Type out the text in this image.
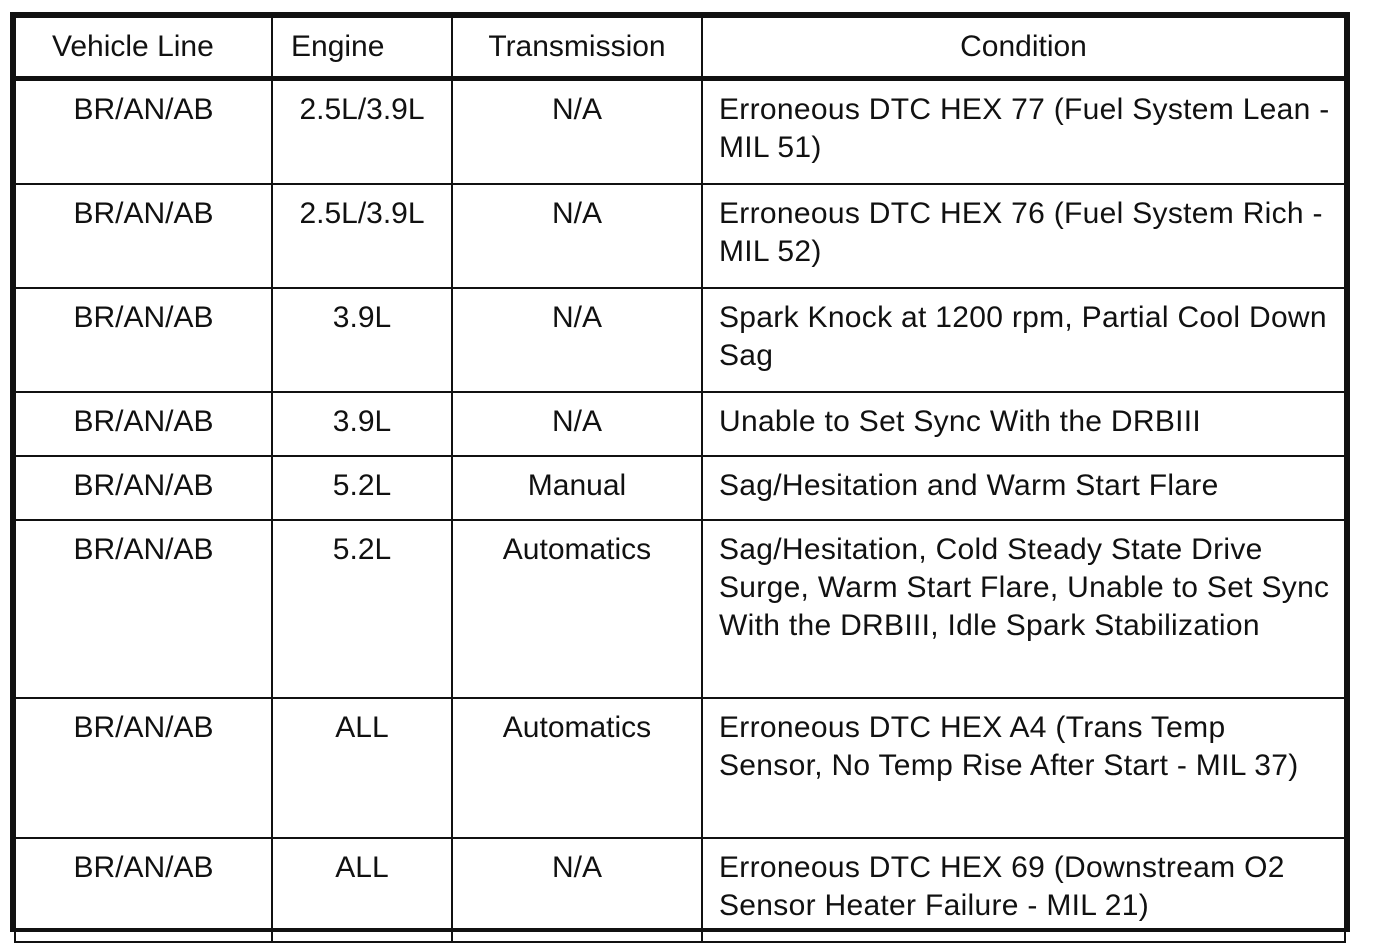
Vehicle Line	Engine	Transmission	Condition
BR/AN/AB	2.5L/3.9L	N/A	Erroneous DTC HEX 77 (Fuel System Lean - MIL 51)
BR/AN/AB	2.5L/3.9L	N/A	Erroneous DTC HEX 76 (Fuel System Rich - MIL 52)
BR/AN/AB	3.9L	N/A	Spark Knock at 1200 rpm, Partial Cool Down Sag
BR/AN/AB	3.9L	N/A	Unable to Set Sync With the DRBIII
BR/AN/AB	5.2L	Manual	Sag/Hesitation and Warm Start Flare
BR/AN/AB	5.2L	Automatics	Sag/Hesitation, Cold Steady State Drive Surge, Warm Start Flare, Unable to Set Sync With the DRBIII, Idle Spark Stabilization
BR/AN/AB	ALL	Automatics	Erroneous DTC HEX A4 (Trans Temp Sensor, No Temp Rise After Start - MIL 37)
BR/AN/AB	ALL	N/A	Erroneous DTC HEX 69 (Downstream O2 Sensor Heater Failure - MIL 21)
